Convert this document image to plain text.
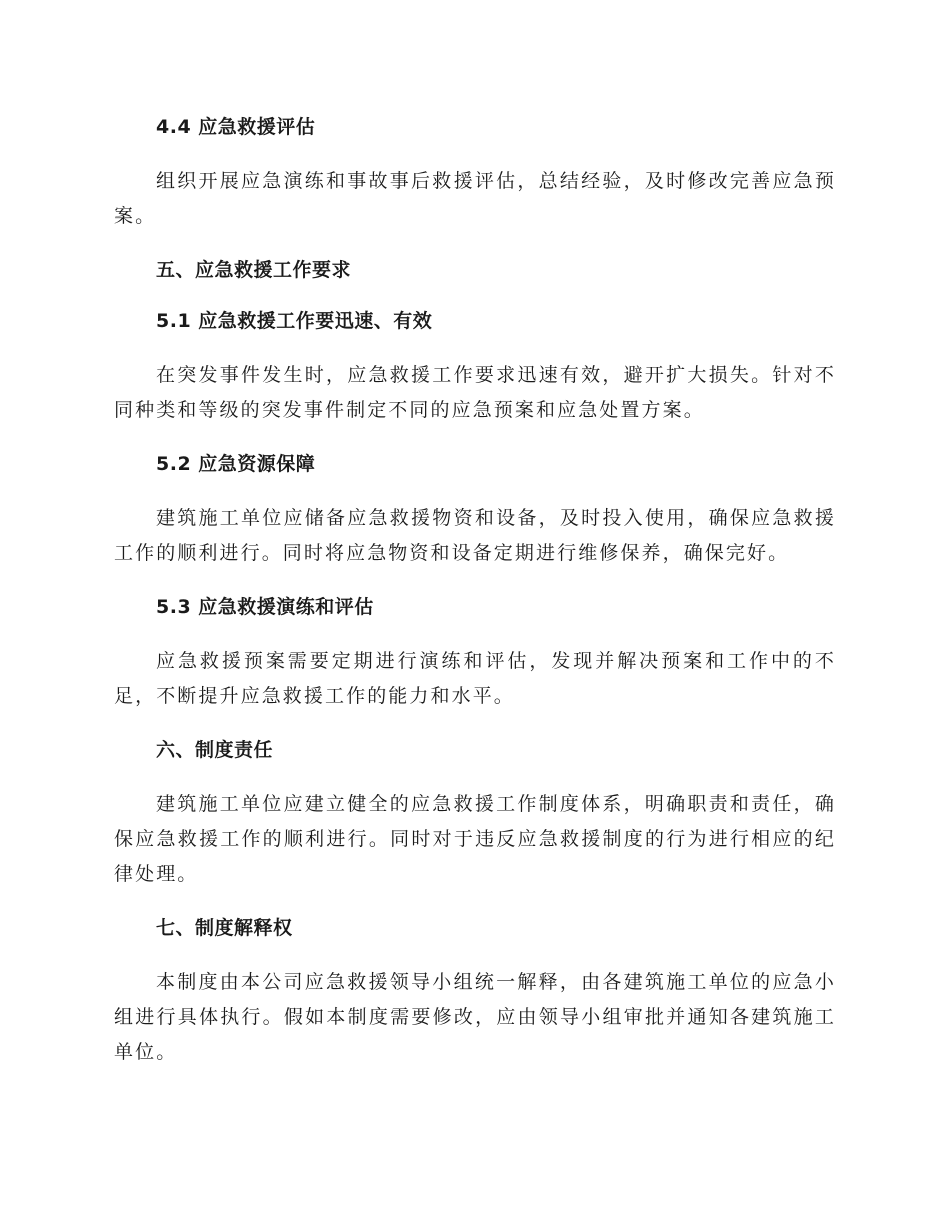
4.4 应急救援评估

组织开展应急演练和事故事后救援评估，总结经验，及时修改完善应急预案。

五、应急救援工作要求
5.1 应急救援工作要迅速、有效

在突发事件发生时，应急救援工作要求迅速有效，避开扩大损失。针对不同种类和等级的突发事件制定不同的应急预案和应急处置方案。

5.2 应急资源保障

建筑施工单位应储备应急救援物资和设备，及时投入使用，确保应急救援工作的顺利进行。同时将应急物资和设备定期进行维修保养，确保完好。

5.3 应急救援演练和评估

应急救援预案需要定期进行演练和评估，发现并解决预案和工作中的不足，不断提升应急救援工作的能力和水平。

六、制度责任

建筑施工单位应建立健全的应急救援工作制度体系，明确职责和责任，确保应急救援工作的顺利进行。同时对于违反应急救援制度的行为进行相应的纪律处理。

七、制度解释权

本制度由本公司应急救援领导小组统一解释，由各建筑施工单位的应急小组进行具体执行。假如本制度需要修改，应由领导小组审批并通知各建筑施工单位。
